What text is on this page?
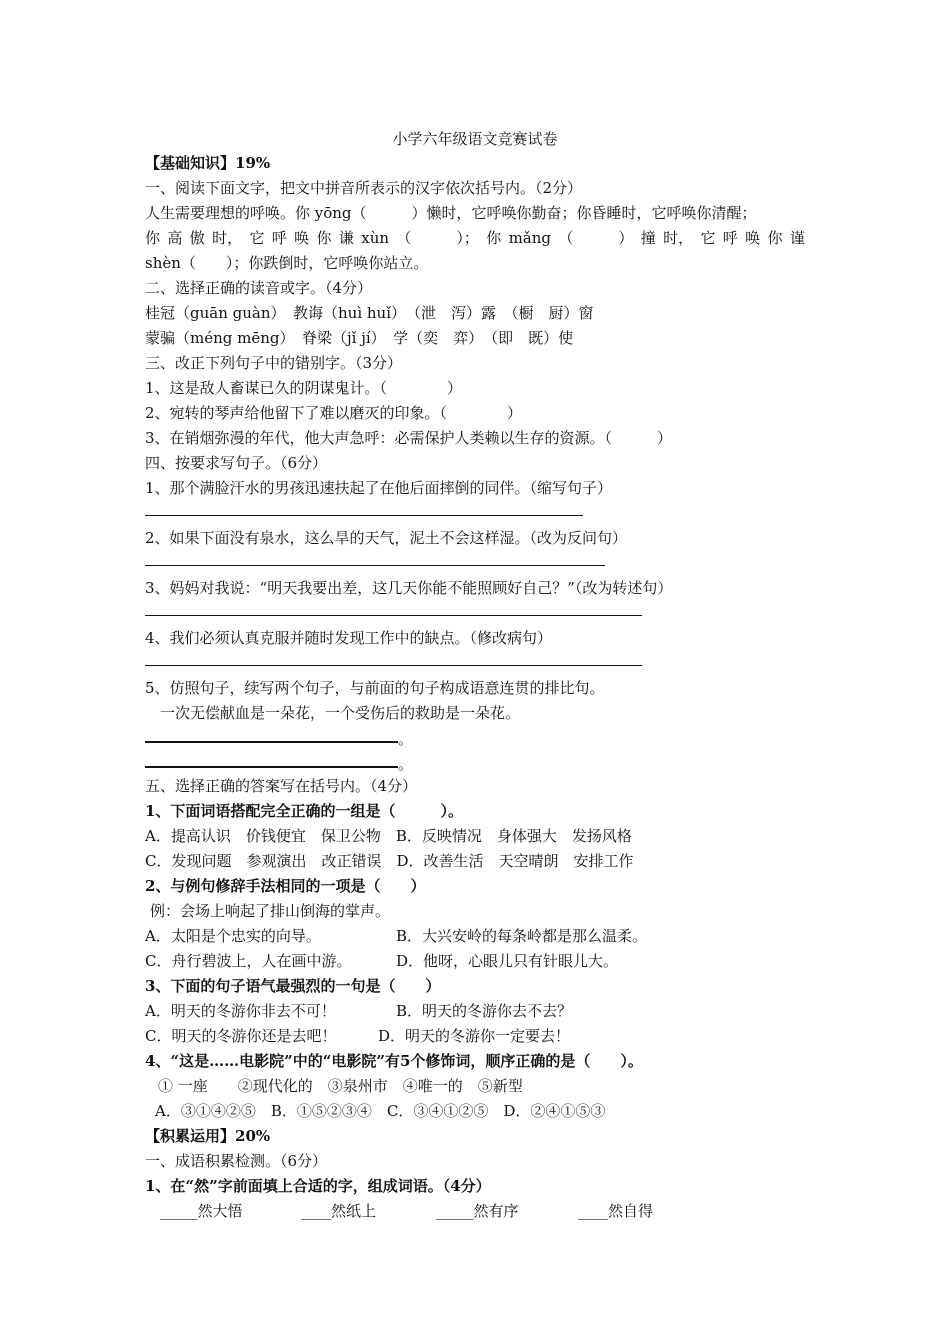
小学六年级语文竞赛试卷
【基础知识】19%
一、阅读下面文字，把文中拼音所表示的汉字依次括号内。（2分）
人生需要理想的呼唤。你 yōng（　　　）懒时，它呼唤你勤奋；你昏睡时，它呼唤你清醒；
你 高 傲 时， 它 呼 唤 你 谦 xùn （　　　）； 你 mǎng （　　　） 撞 时， 它 呼 唤 你 谨
shèn（　　）；你跌倒时，它呼唤你站立。
二、选择正确的读音或字。（4分）
桂冠（guān guàn）　教诲（huì huǐ）　（泄　泻）露　（橱　厨）窗
蒙骗（méng mēng）　脊梁（jǐ jí）　学（奕　弈）　（即　既）使
三、改正下列句子中的错别字。（3分）
1、这是敌人畜谋已久的阴谋鬼计。（　　　　）
2、宛转的琴声给他留下了难以磨灭的印象。（　　　　）
3、在销烟弥漫的年代，他大声急呼：必需保护人类赖以生存的资源。（　　　）
四、按要求写句子。（6分）
1、那个满脸汗水的男孩迅速扶起了在他后面摔倒的同伴。（缩写句子）
2、如果下面没有泉水，这么旱的天气，泥土不会这样湿。（改为反问句）
3、妈妈对我说：“明天我要出差，这几天你能不能照顾好自己？”（改为转述句）
4、我们必须认真克服并随时发现工作中的缺点。（修改病句）
5、仿照句子，续写两个句子，与前面的句子构成语意连贯的排比句。
一次无偿献血是一朵花，一个受伤后的救助是一朵花。
。
。
五、选择正确的答案写在括号内。（4分）
1、下面词语搭配完全正确的一组是（　　　）。
A．提高认识　价钱便宜　保卫公物　B．反映情况　身体强大　发扬风格
C．发现问题　参观演出　改正错误　D．改善生活　天空晴朗　安排工作
2、与例句修辞手法相同的一项是（　　）
例：会场上响起了排山倒海的掌声。
A．太阳是个忠实的向导。	B．大兴安岭的每条岭都是那么温柔。
C．舟行碧波上，人在画中游。	D．他呀，心眼儿只有针眼儿大。
3、下面的句子语气最强烈的一句是（　　）
A．明天的冬游你非去不可！	B．明天的冬游你去不去？
C．明天的冬游你还是去吧！	D．明天的冬游你一定要去！
4、“这是……电影院”中的“电影院”有5个修饰词，顺序正确的是（　　）。
① 一座　　②现代化的　③泉州市　④唯一的　⑤新型
A．③①④②⑤　B．①⑤②③④　C．③④①②⑤　D．②④①⑤③
【积累运用】20%
一、成语积累检测。（6分）
1、在“然”字前面填上合适的字，组成词语。（4分）
_____然大悟	____然纸上	_____然有序	____然自得
